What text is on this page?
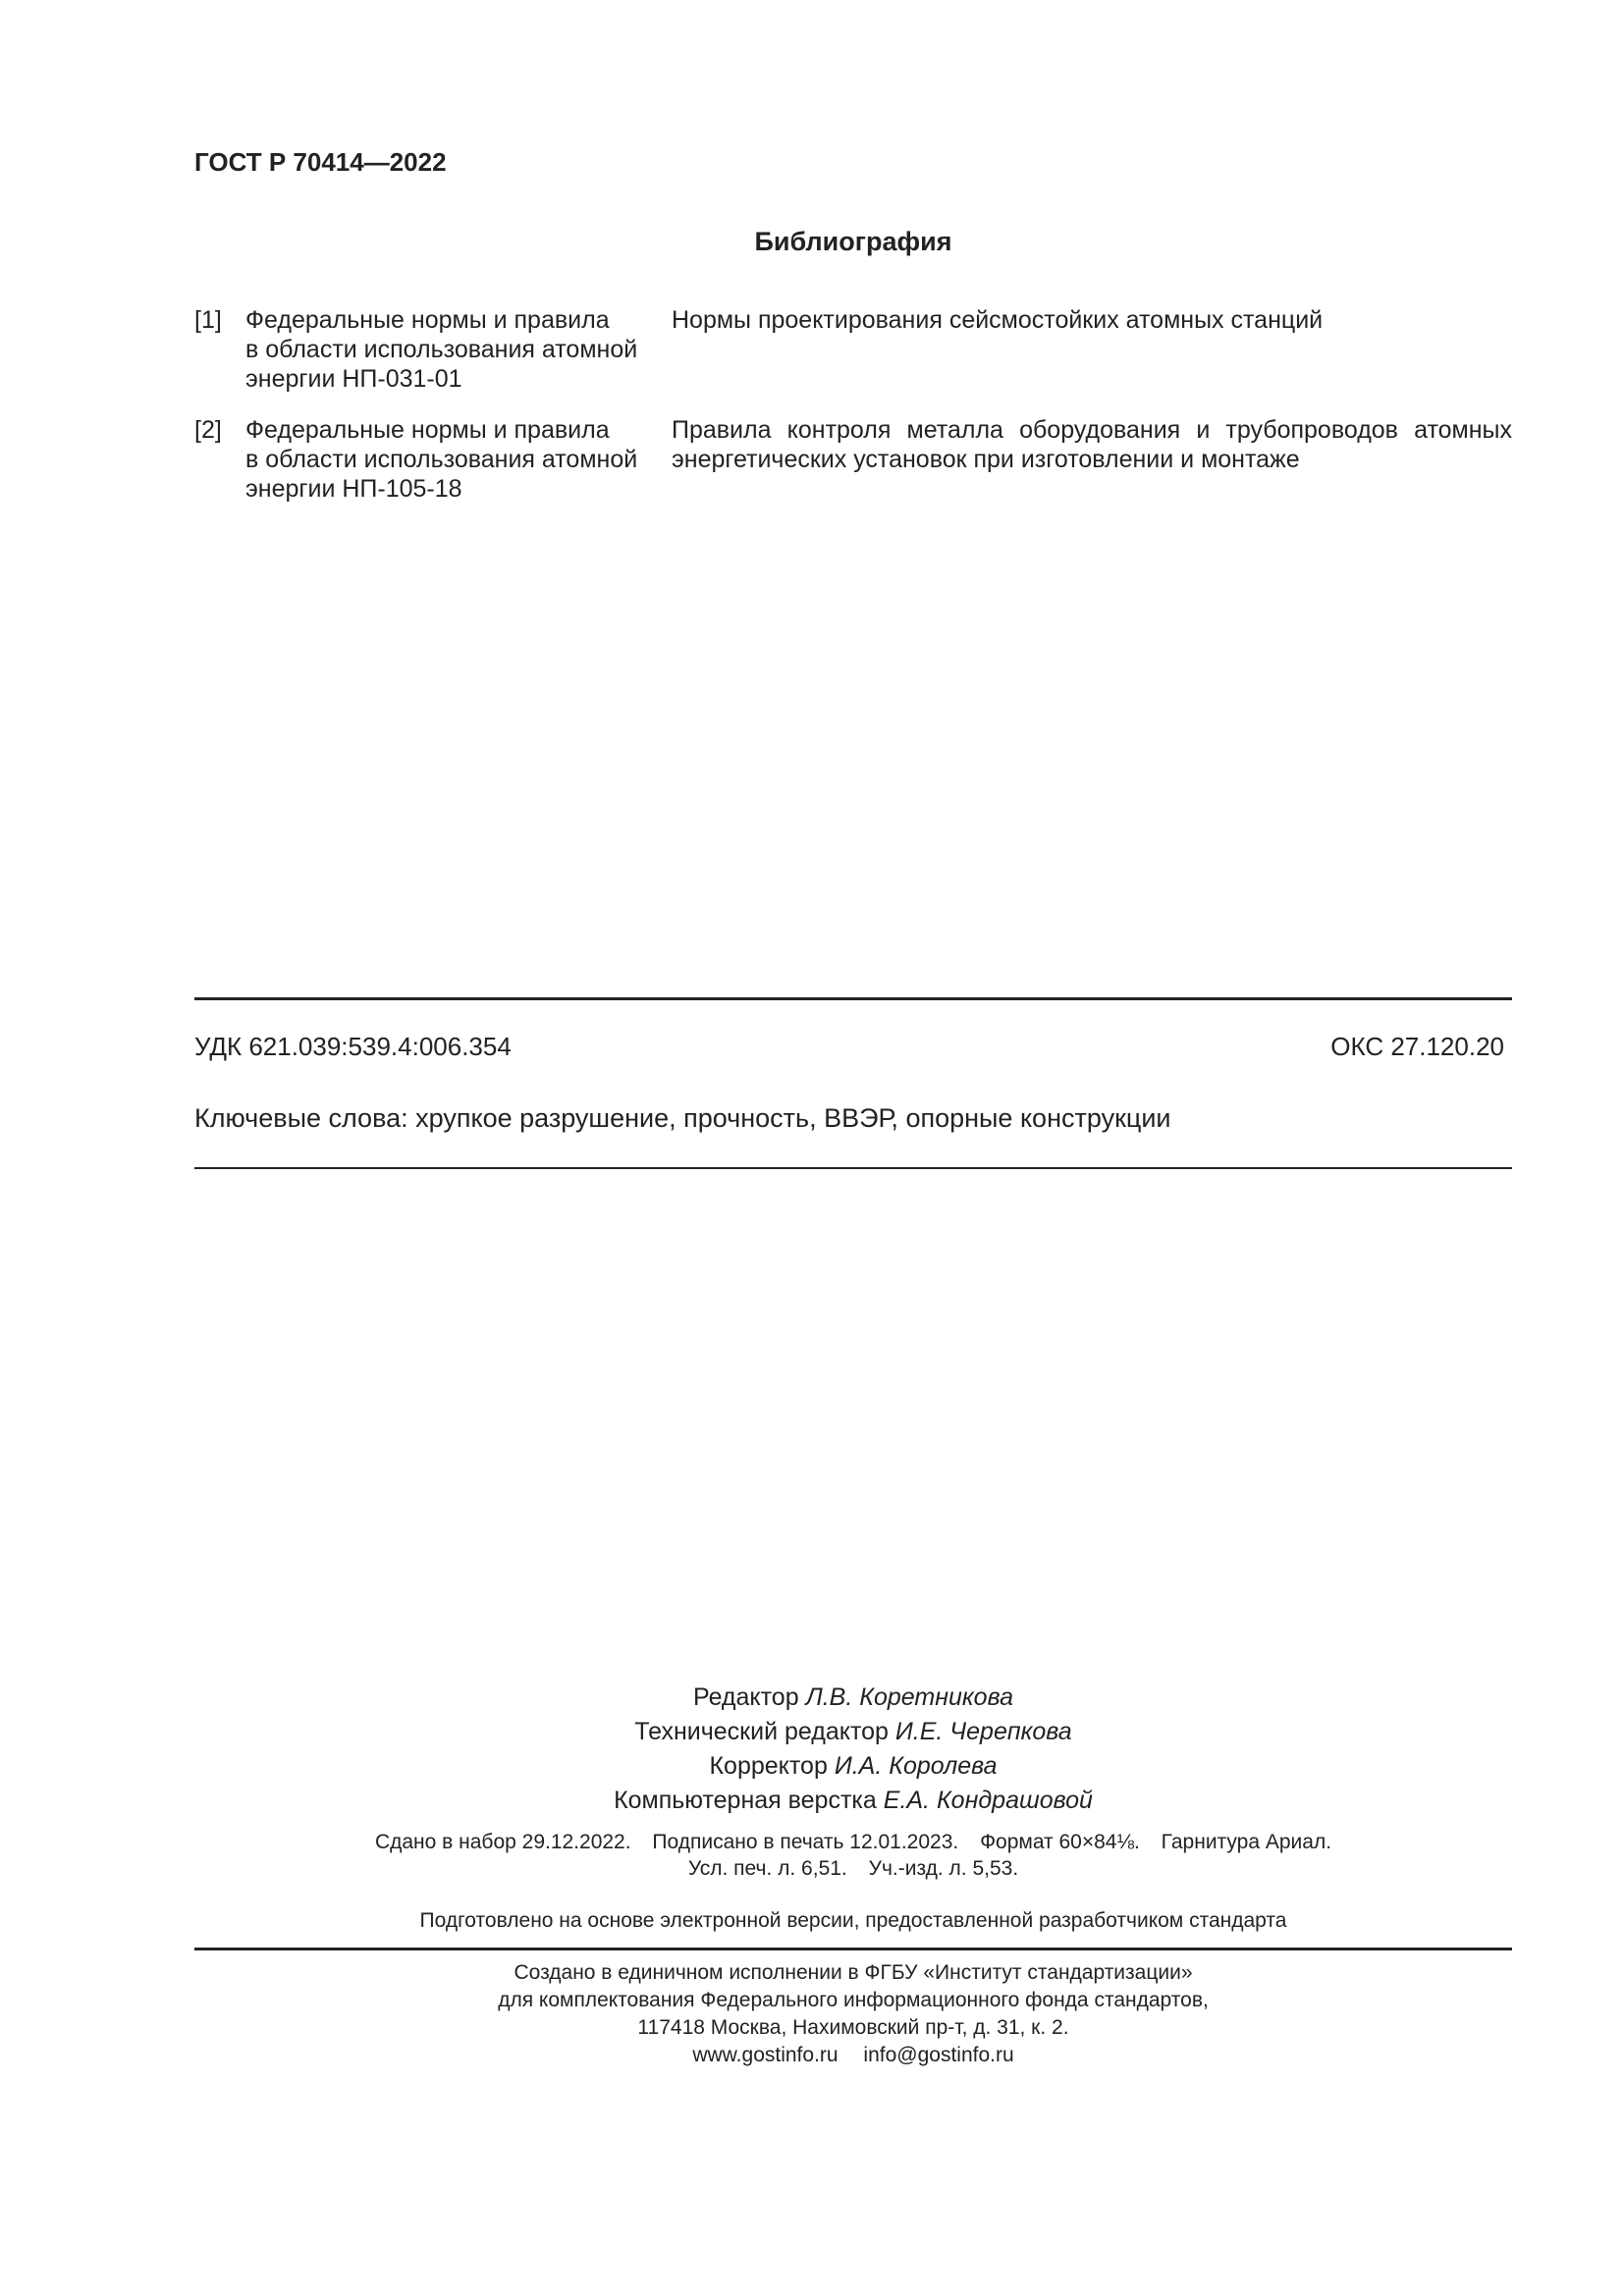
ГОСТ Р 70414—2022
Библиография
[1] Федеральные нормы и правила
в области использования атомной
энергии НП-031-01
Нормы проектирования сейсмостойких атомных станций
[2] Федеральные нормы и правила
в области использования атомной
энергии НП-105-18
Правила контроля металла оборудования и трубопроводов атомных энергетических установок при изготовлении и монтаже
УДК 621.039:539.4:006.354	ОКС 27.120.20
Ключевые слова: хрупкое разрушение, прочность, ВВЭР, опорные конструкции
Редактор Л.В. Коретникова
Технический редактор И.Е. Черепкова
Корректор И.А. Королева
Компьютерная верстка Е.А. Кондрашовой
Сдано в набор 29.12.2022. Подписано в печать 12.01.2023. Формат 60×84⅛. Гарнитура Ариал.
Усл. печ. л. 6,51. Уч.-изд. л. 5,53.
Подготовлено на основе электронной версии, предоставленной разработчиком стандарта
Создано в единичном исполнении в ФГБУ «Институт стандартизации»
для комплектования Федерального информационного фонда стандартов,
117418 Москва, Нахимовский пр-т, д. 31, к. 2.
www.gostinfo.ru info@gostinfo.ru
